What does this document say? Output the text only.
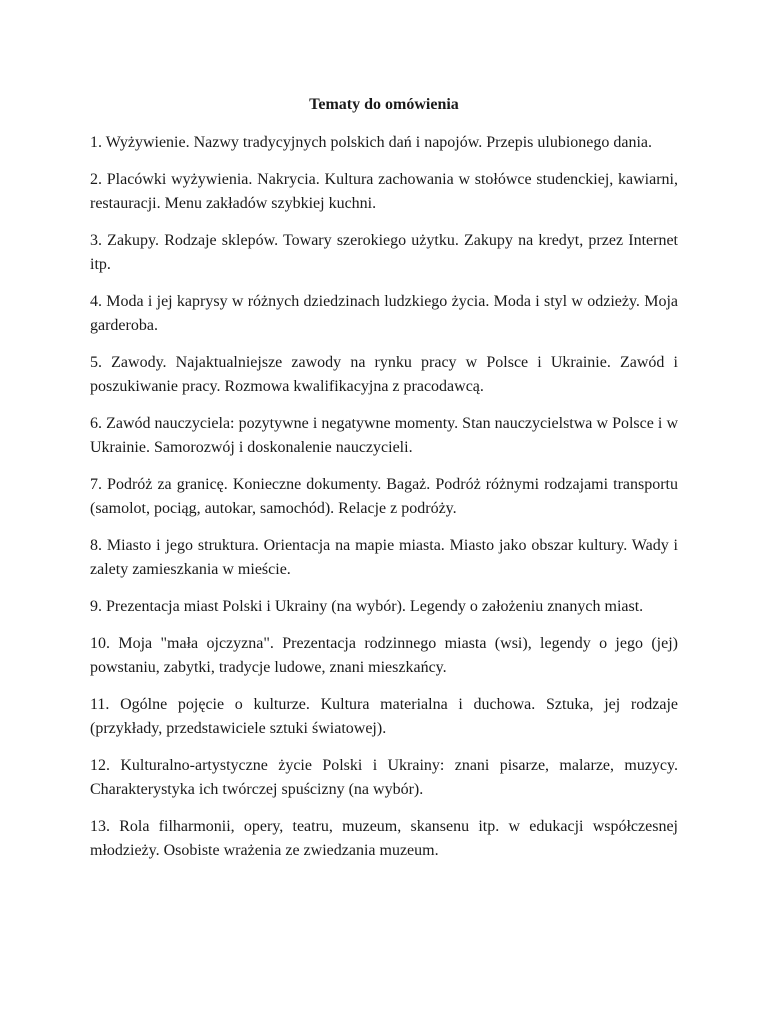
Tematy do omówienia
1. Wyżywienie. Nazwy tradycyjnych polskich dań i napojów. Przepis ulubionego dania.
2. Placówki wyżywienia. Nakrycia. Kultura zachowania w stołówce studenckiej, kawiarni, restauracji. Menu zakładów szybkiej kuchni.
3. Zakupy. Rodzaje sklepów. Towary szerokiego użytku. Zakupy na kredyt, przez Internet itp.
4. Moda i jej kaprysy w różnych dziedzinach ludzkiego życia. Moda i styl w odzieży. Moja garderoba.
5. Zawody. Najaktualniejsze zawody na rynku pracy w Polsce i Ukrainie. Zawód i poszukiwanie pracy. Rozmowa kwalifikacyjna z pracodawcą.
6. Zawód nauczyciela: pozytywne i negatywne momenty. Stan nauczycielstwa w Polsce i w Ukrainie. Samorozwój i doskonalenie nauczycieli.
7. Podróż za granicę. Konieczne dokumenty. Bagaż. Podróż różnymi rodzajami transportu (samolot, pociąg, autokar, samochód). Relacje z podróży.
8. Miasto i jego struktura. Orientacja na mapie miasta. Miasto jako obszar kultury. Wady i zalety zamieszkania w mieście.
9. Prezentacja miast Polski i Ukrainy (na wybór). Legendy o założeniu znanych miast.
10. Moja "mała ojczyzna". Prezentacja rodzinnego miasta (wsi), legendy o jego (jej) powstaniu, zabytki, tradycje ludowe, znani mieszkańcy.
11. Ogólne pojęcie o kulturze. Kultura materialna i duchowa. Sztuka, jej rodzaje (przykłady, przedstawiciele sztuki światowej).
12. Kulturalno-artystyczne życie Polski i Ukrainy: znani pisarze, malarze, muzycy. Charakterystyka ich twórczej spuścizny (na wybór).
13. Rola filharmonii, opery, teatru, muzeum, skansenu itp. w edukacji współczesnej młodzieży. Osobiste wrażenia ze zwiedzania muzeum.
